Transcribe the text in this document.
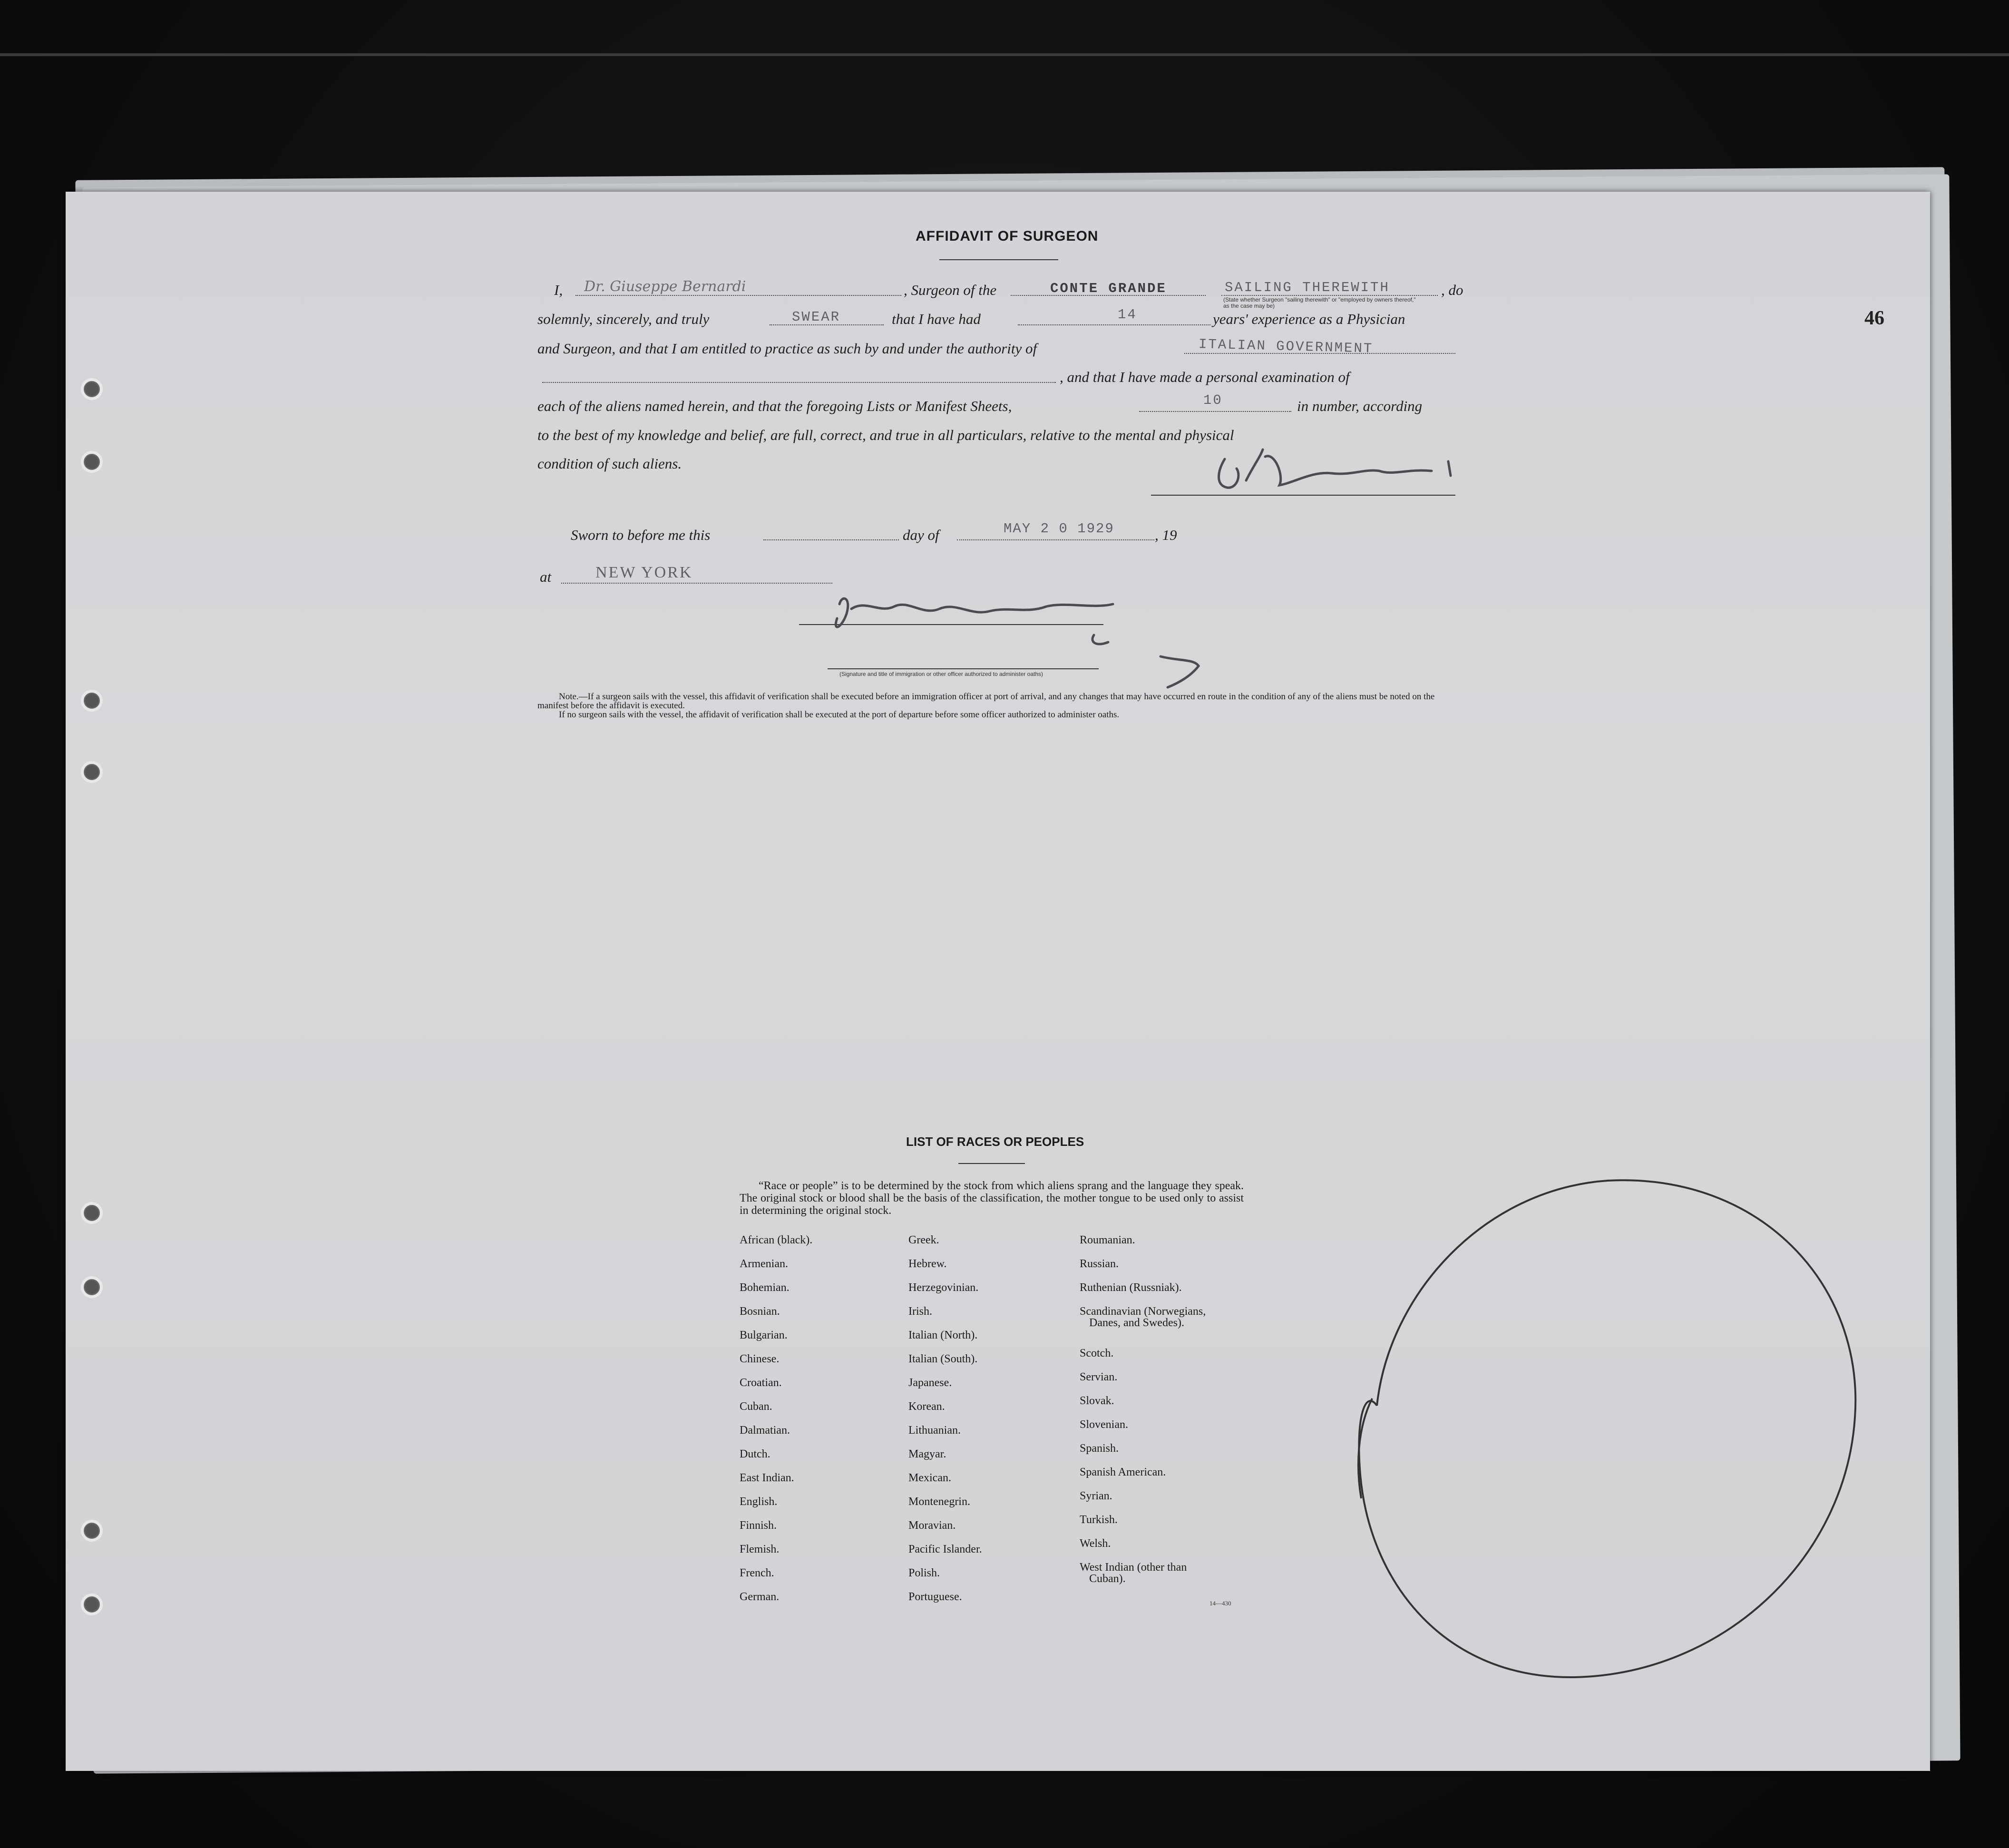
46
AFFIDAVIT OF SURGEON
I, Dr. Giuseppe Bernardi	, Surgeon of the	CONTE GRANDE	SAILING THEREWITH
(State whether Surgeon "sailing therewith" or "employed by owners thereof," as the case may be)
, do
solemnly, sincerely, and truly	SWEAR	that I have had	14	years' experience as a Physician
and Surgeon, and that I am entitled to practice as such by and under the authority of	ITALIAN GOVERNMENT
, and that I have made a personal examination of
each of the aliens named herein, and that the foregoing Lists or Manifest Sheets,	10	in number, according
to the best of my knowledge and belief, are full, correct, and true in all particulars, relative to the mental and physical
condition of such aliens.
Sworn to before me this	day of	MAY 2 0 1929	, 19
at	NEW YORK
(Signature and title of immigration or other officer authorized to administer oaths)

Note.—If a surgeon sails with the vessel, this affidavit of verification shall be executed before an immigration officer at port of arrival, and any changes that may have occurred en route in the condition of any of the aliens must be noted on the manifest before the affidavit is executed.

If no surgeon sails with the vessel, the affidavit of verification shall be executed at the port of departure before some officer authorized to administer oaths.

LIST OF RACES OR PEOPLES
“Race or people” is to be determined by the stock from which aliens sprang and the language they speak. The original stock or blood shall be the basis of the classification, the mother tongue to be used only to assist in determining the original stock.
African (black).
Armenian.
Bohemian.
Bosnian.
Bulgarian.
Chinese.
Croatian.
Cuban.
Dalmatian.
Dutch.
East Indian.
English.
Finnish.
Flemish.
French.
German.
Greek.
Hebrew.
Herzegovinian.
Irish.
Italian (North).
Italian (South).
Japanese.
Korean.
Lithuanian.
Magyar.
Mexican.
Montenegrin.
Moravian.
Pacific Islander.
Polish.
Portuguese.
Roumanian.
Russian.
Ruthenian (Russniak).
Scandinavian (Norwegians,
Danes, and Swedes).
Scotch.
Servian.
Slovak.
Slovenian.
Spanish.
Spanish American.
Syrian.
Turkish.
Welsh.
West Indian (other than
Cuban).
14—430
